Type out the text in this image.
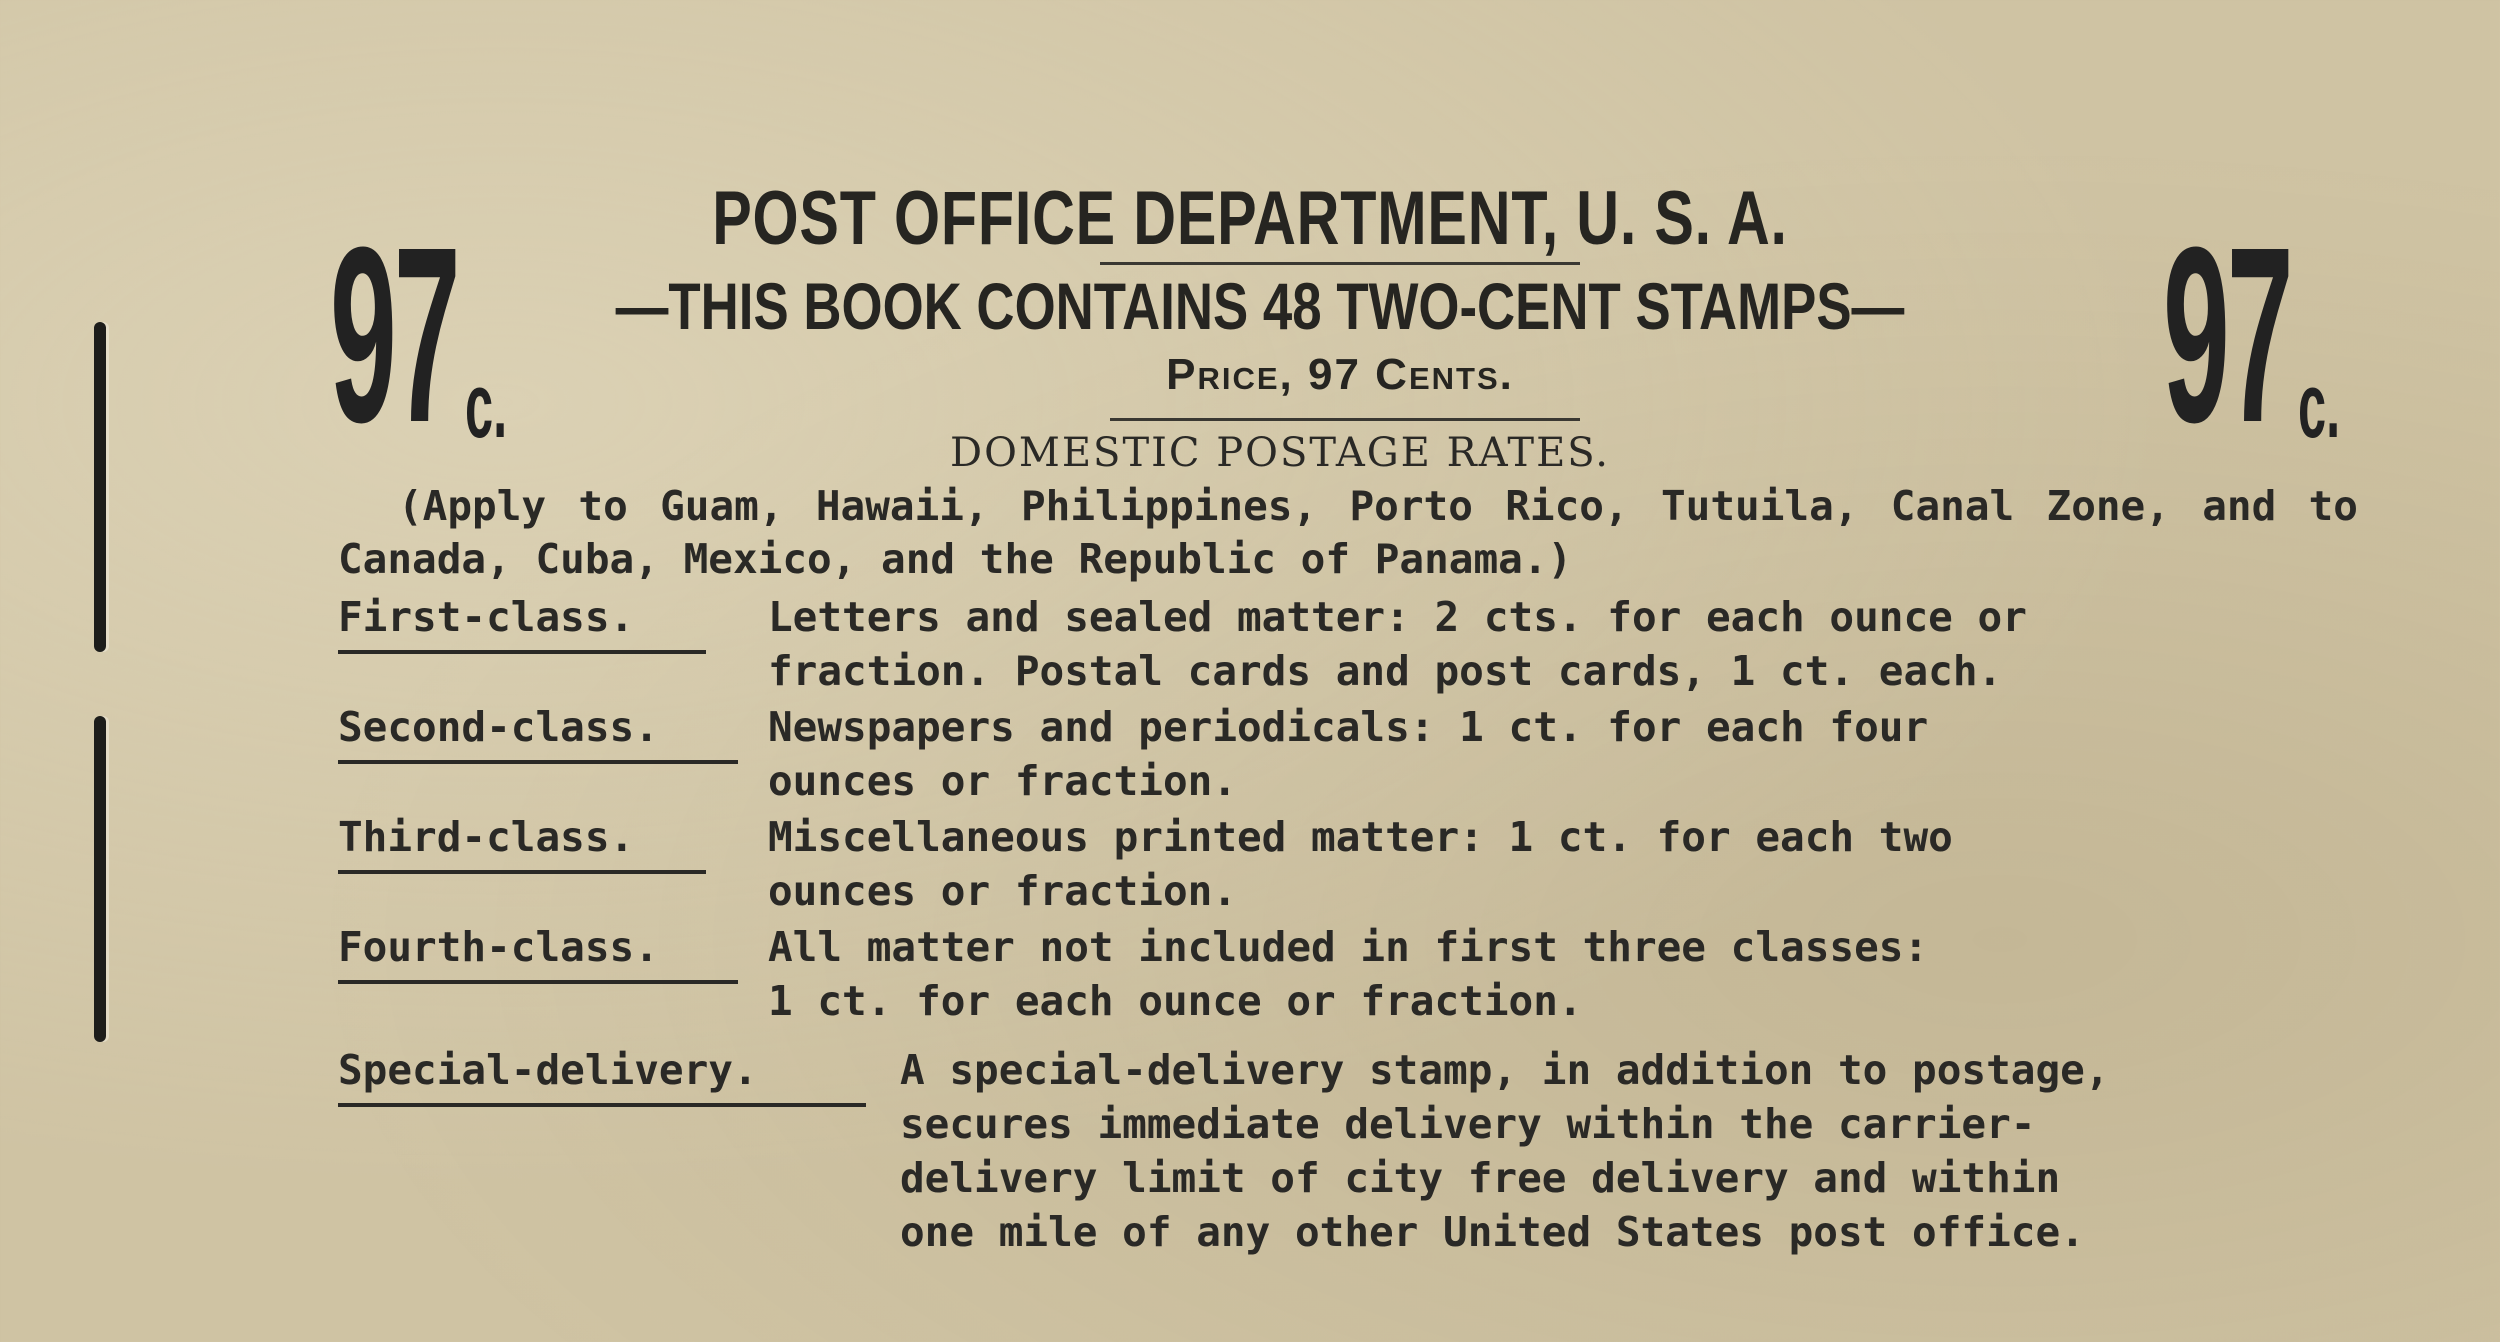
97 c.	97 c.
POST OFFICE DEPARTMENT, U. S. A.
—THIS BOOK CONTAINS 48 TWO-CENT STAMPS—
Price, 97 Cents.
DOMESTIC POSTAGE RATES.
(Apply to Guam, Hawaii, Philippines, Porto Rico, Tutuila, Canal Zone, and to Canada, Cuba, Mexico, and the Republic of Panama.)
First-class.	Letters and sealed matter: 2 cts. for each ounce or
fraction. Postal cards and post cards, 1 ct. each.
Second-class.	Newspapers and periodicals: 1 ct. for each four
ounces or fraction.
Third-class.	Miscellaneous printed matter: 1 ct. for each two
ounces or fraction.
Fourth-class.	All matter not included in first three classes:
1 ct. for each ounce or fraction.
Special-delivery.	A special-delivery stamp, in addition to postage,
secures immediate delivery within the carrier-
delivery limit of city free delivery and within
one mile of any other United States post office.
